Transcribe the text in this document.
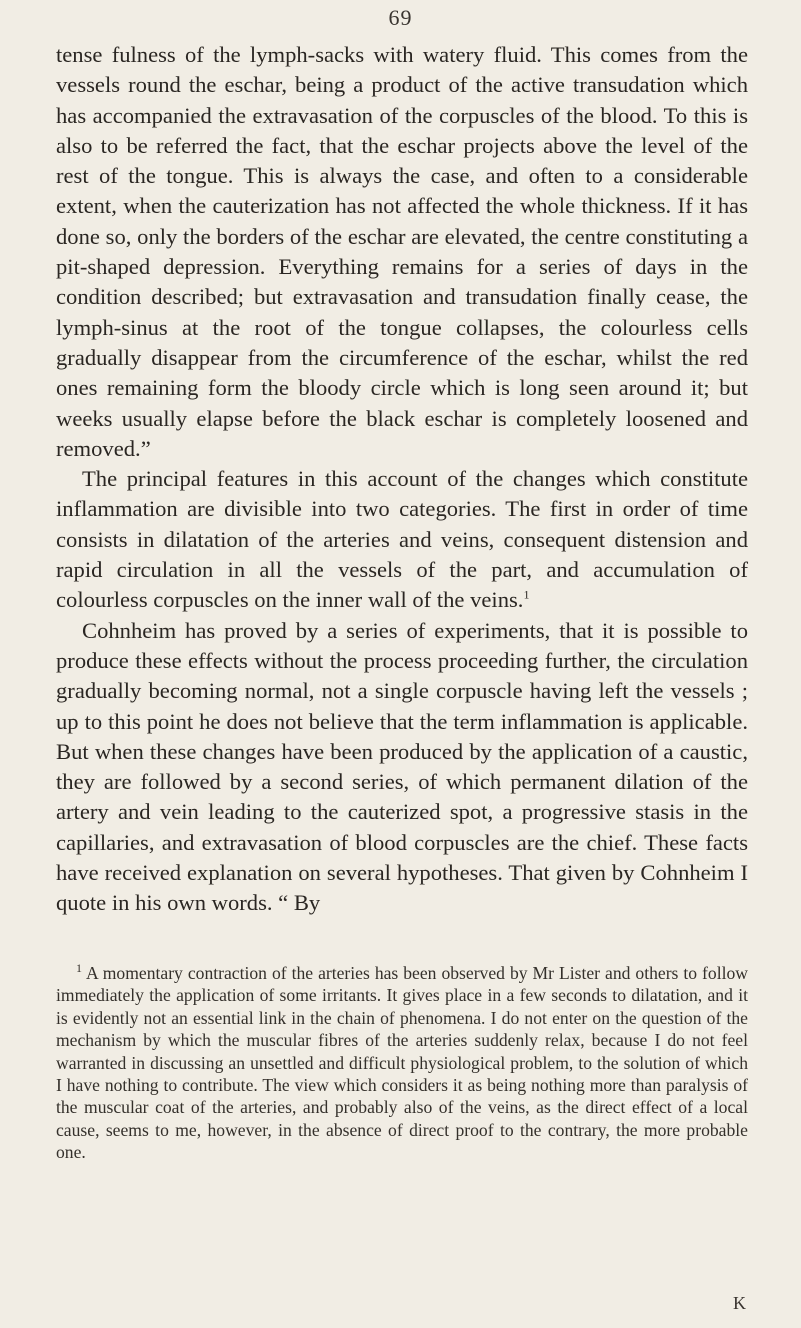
69

tense fulness of the lymph-sacks with watery fluid. This comes from the vessels round the eschar, being a product of the active transudation which has accompanied the extravasation of the corpuscles of the blood. To this is also to be referred the fact, that the eschar projects above the level of the rest of the tongue. This is always the case, and often to a considerable extent, when the cauterization has not affected the whole thickness. If it has done so, only the borders of the eschar are elevated, the centre constituting a pit-shaped depression. Everything remains for a series of days in the condition described; but extravasation and transudation finally cease, the lymph-sinus at the root of the tongue collapses, the colourless cells gradually disappear from the circumference of the eschar, whilst the red ones remaining form the bloody circle which is long seen around it; but weeks usually elapse before the black eschar is completely loosened and removed.”

The principal features in this account of the changes which constitute inflammation are divisible into two categories. The first in order of time consists in dilatation of the arteries and veins, consequent distension and rapid circulation in all the vessels of the part, and accumulation of colourless corpuscles on the inner wall of the veins.$^1$

Cohnheim has proved by a series of experiments, that it is possible to produce these effects without the process proceeding further, the circulation gradually becoming normal, not a single corpuscle having left the vessels ; up to this point he does not believe that the term inflammation is applicable. But when these changes have been produced by the application of a caustic, they are followed by a second series, of which permanent dilation of the artery and vein leading to the cauterized spot, a progressive stasis in the capillaries, and extravasation of blood corpuscles are the chief. These facts have received explanation on several hypotheses. That given by Cohnheim I quote in his own words. “ By

$^1$ A momentary contraction of the arteries has been observed by Mr Lister and others to follow immediately the application of some irritants. It gives place in a few seconds to dilatation, and it is evidently not an essential link in the chain of phenomena. I do not enter on the question of the mechanism by which the muscular fibres of the arteries suddenly relax, because I do not feel warranted in discussing an unsettled and difficult physiological problem, to the solution of which I have nothing to contribute. The view which considers it as being nothing more than paralysis of the muscular coat of the arteries, and probably also of the veins, as the direct effect of a local cause, seems to me, however, in the absence of direct proof to the contrary, the more probable one.

K
